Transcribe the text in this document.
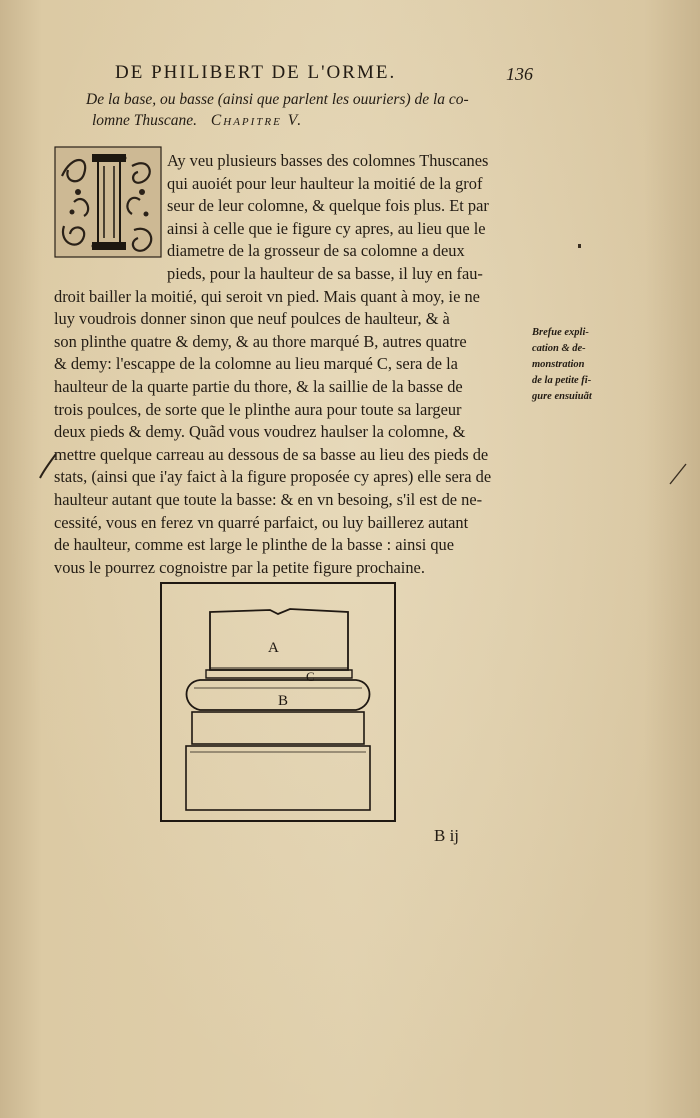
DE PHILIBERT DE L'ORME.	136
De la base, ou basse (ainsi que parlent les ouuriers) de la co-
lomne Thuscane. Chapitre V.
Ay veu plusieurs basses des colomnes Thuscanes
qui auoiét pour leur haulteur la moitié de la grof
seur de leur colomne, & quelque fois plus. Et par
ainsi à celle que ie figure cy apres, au lieu que le
diametre de la grosseur de sa colomne a deux
pieds, pour la haulteur de sa basse, il luy en fau-
droit bailler la moitié, qui seroit vn pied. Mais quant à moy, ie ne
luy voudrois donner sinon que neuf poulces de haulteur, & à
son plinthe quatre & demy, & au thore marqué B, autres quatre
& demy: l'escappe de la colomne au lieu marqué C, sera de la
haulteur de la quarte partie du thore, & la saillie de la basse de
trois poulces, de sorte que le plinthe aura pour toute sa largeur
deux pieds & demy. Quãd vous voudrez haulser la colomne, &
mettre quelque carreau au dessous de sa basse au lieu des pieds de
stats, (ainsi que i'ay faict à la figure proposée cy apres) elle sera de
haulteur autant que toute la basse: & en vn besoing, s'il est de ne-
cessité, vous en ferez vn quarré parfaict, ou luy baillerez autant
de haulteur, comme est large le plinthe de la basse : ainsi que
vous le pourrez cognoistre par la petite figure prochaine.
Brefue expli-
cation & de-
monstration
de la petite fi-
gure ensuiuãt
A
C
B
B ij
